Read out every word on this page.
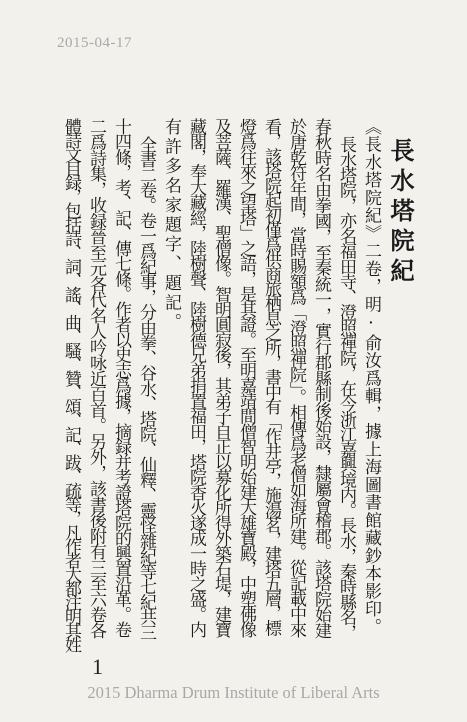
2015-04-17
長水塔院紀
《長水塔院紀》二卷，明·俞汝爲輯，據上海圖書館藏鈔本影印。
長水塔院，亦名福田寺、澄照禪院，在今浙江嘉興境内。長水，秦時縣名，
春秋時名由拳國，至秦統一，實行郡縣制後始設，隸屬會稽郡。該塔院始建
於唐乾符年間，當時賜額爲「澄照禪院」。相傳爲老僧如海所建。從記載中來
看，該塔院起初僅爲供商旅栖息之所，書中有「作井亭，施湯茗，建塔五層，標
燈爲往來之望塔」之語，是其證。至明嘉靖間僧智明始建大雄寶殿，中塑佛像
及菩薩、羅漢、聖僧像。智明圓寂後，其弟子自正以募化所得外築石堤，建寶
藏閣，奉大藏經，陸樹聲、陸樹德兄弟捐置福田，塔院香火遂成一時之盛。内
有許多名家題字、題記。
全書二卷。卷一爲紀事，分由拳、谷水、塔院、仙釋、靈怪雜紀等七紀共三
十四條，考、記、傳七條。作者以史志爲據，摘録并考證塔院的興置沿革。卷
二爲詩集，收録晉至元各代名人吟咏近百首。另外，該書後附有三至六卷各
體詩文目録，包括詩、詞、謠、曲、騷、贊、頌、記、跋、疏等，凡作者大都注明其姓
1
2015 Dharma Drum Institute of Liberal Arts
